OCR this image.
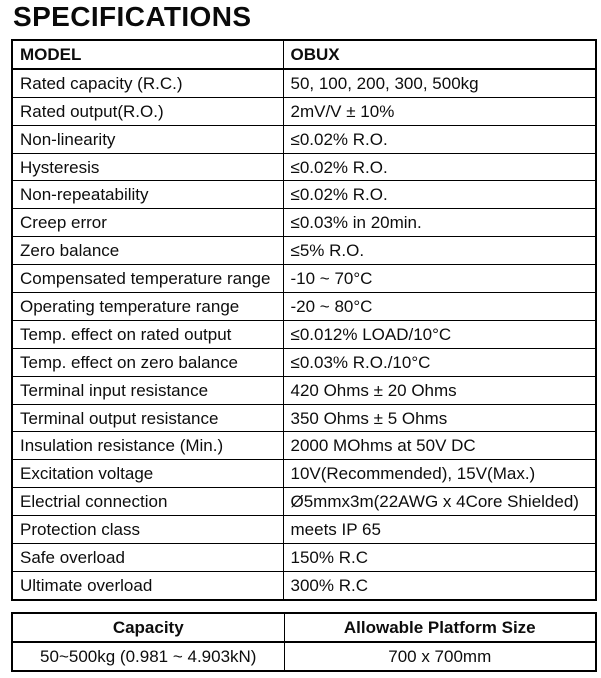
SPECIFICATIONS
MODEL	OBUX
Rated capacity (R.C.)	50, 100, 200, 300, 500kg
Rated output(R.O.)	2mV/V ± 10%
Non-linearity	≤0.02% R.O.
Hysteresis	≤0.02% R.O.
Non-repeatability	≤0.02% R.O.
Creep error	≤0.03% in 20min.
Zero balance	≤5% R.O.
Compensated temperature range	-10 ~ 70°C
Operating temperature range	-20 ~ 80°C
Temp. effect on rated output	≤0.012% LOAD/10°C
Temp. effect on zero balance	≤0.03% R.O./10°C
Terminal input resistance	420 Ohms ± 20 Ohms
Terminal output resistance	350 Ohms ± 5 Ohms
Insulation resistance (Min.)	2000 MOhms at 50V DC
Excitation voltage	10V(Recommended), 15V(Max.)
Electrial connection	Ø5mmx3m(22AWG x 4Core Shielded)
Protection class	meets IP 65
Safe overload	150% R.C
Ultimate overload	300% R.C
Capacity	Allowable Platform Size
50~500kg (0.981 ~ 4.903kN)	700 x 700mm
